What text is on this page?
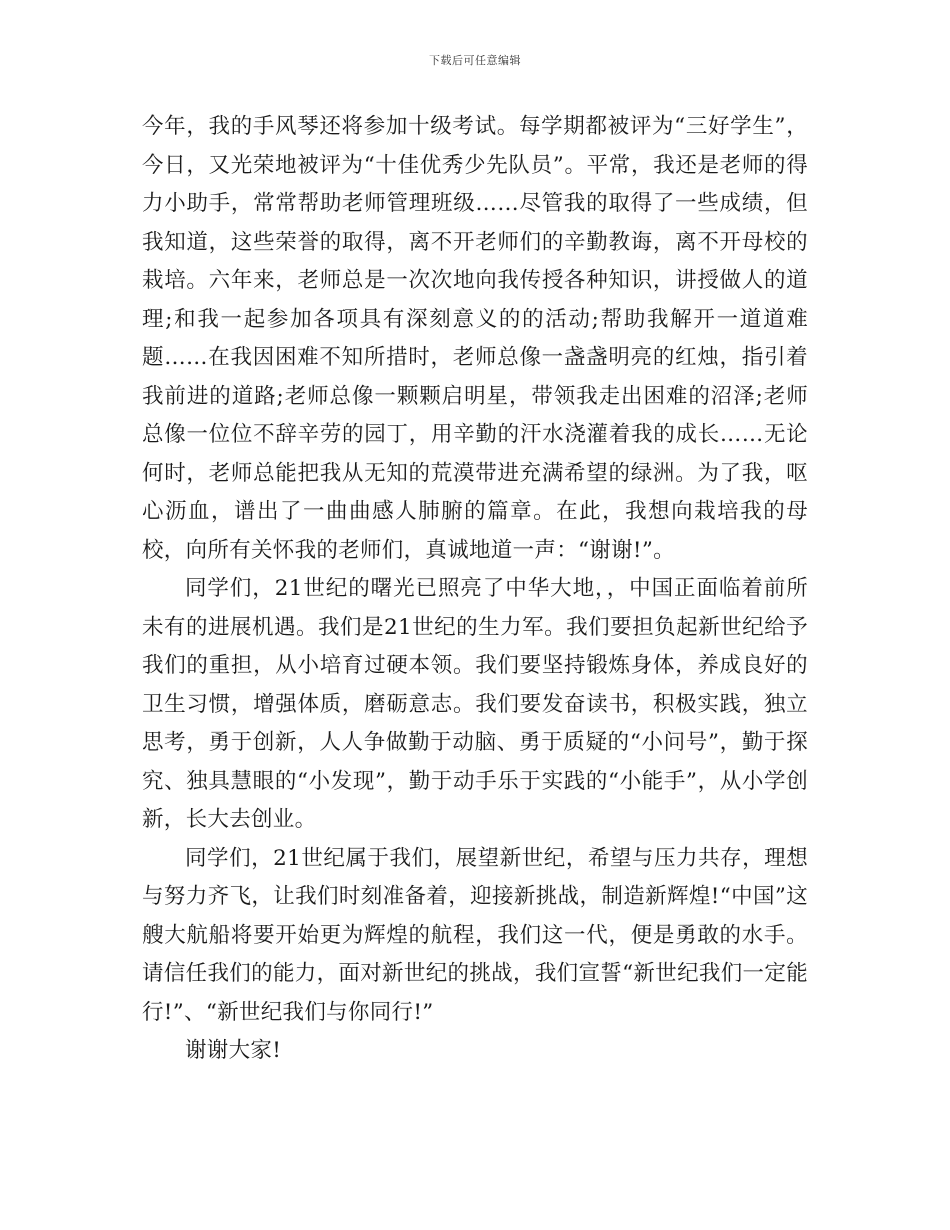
下载后可任意编辑

今年，我的手风琴还将参加十级考试。每学期都被评为“三好学生”，今日，又光荣地被评为“十佳优秀少先队员”。平常，我还是老师的得力小助手，常常帮助老师管理班级……尽管我的取得了一些成绩，但我知道，这些荣誉的取得，离不开老师们的辛勤教诲，离不开母校的栽培。六年来，老师总是一次次地向我传授各种知识，讲授做人的道理;和我一起参加各项具有深刻意义的的活动;帮助我解开一道道难题……在我因困难不知所措时，老师总像一盏盏明亮的红烛，指引着我前进的道路;老师总像一颗颗启明星，带领我走出困难的沼泽;老师总像一位位不辞辛劳的园丁，用辛勤的汗水浇灌着我的成长……无论何时，老师总能把我从无知的荒漠带进充满希望的绿洲。为了我，呕心沥血，谱出了一曲曲感人肺腑的篇章。在此，我想向栽培我的母校，向所有关怀我的老师们，真诚地道一声：“谢谢!”。

同学们，21世纪的曙光已照亮了中华大地，，中国正面临着前所未有的进展机遇。我们是21世纪的生力军。我们要担负起新世纪给予我们的重担，从小培育过硬本领。我们要坚持锻炼身体，养成良好的卫生习惯，增强体质，磨砺意志。我们要发奋读书，积极实践，独立思考，勇于创新，人人争做勤于动脑、勇于质疑的“小问号”，勤于探究、独具慧眼的“小发现”，勤于动手乐于实践的“小能手”，从小学创新，长大去创业。

同学们，21世纪属于我们，展望新世纪，希望与压力共存，理想与努力齐飞，让我们时刻准备着，迎接新挑战，制造新辉煌!“中国”这艘大航船将要开始更为辉煌的航程，我们这一代，便是勇敢的水手。请信任我们的能力，面对新世纪的挑战，我们宣誓“新世纪我们一定能行!”、“新世纪我们与你同行!”

谢谢大家!
